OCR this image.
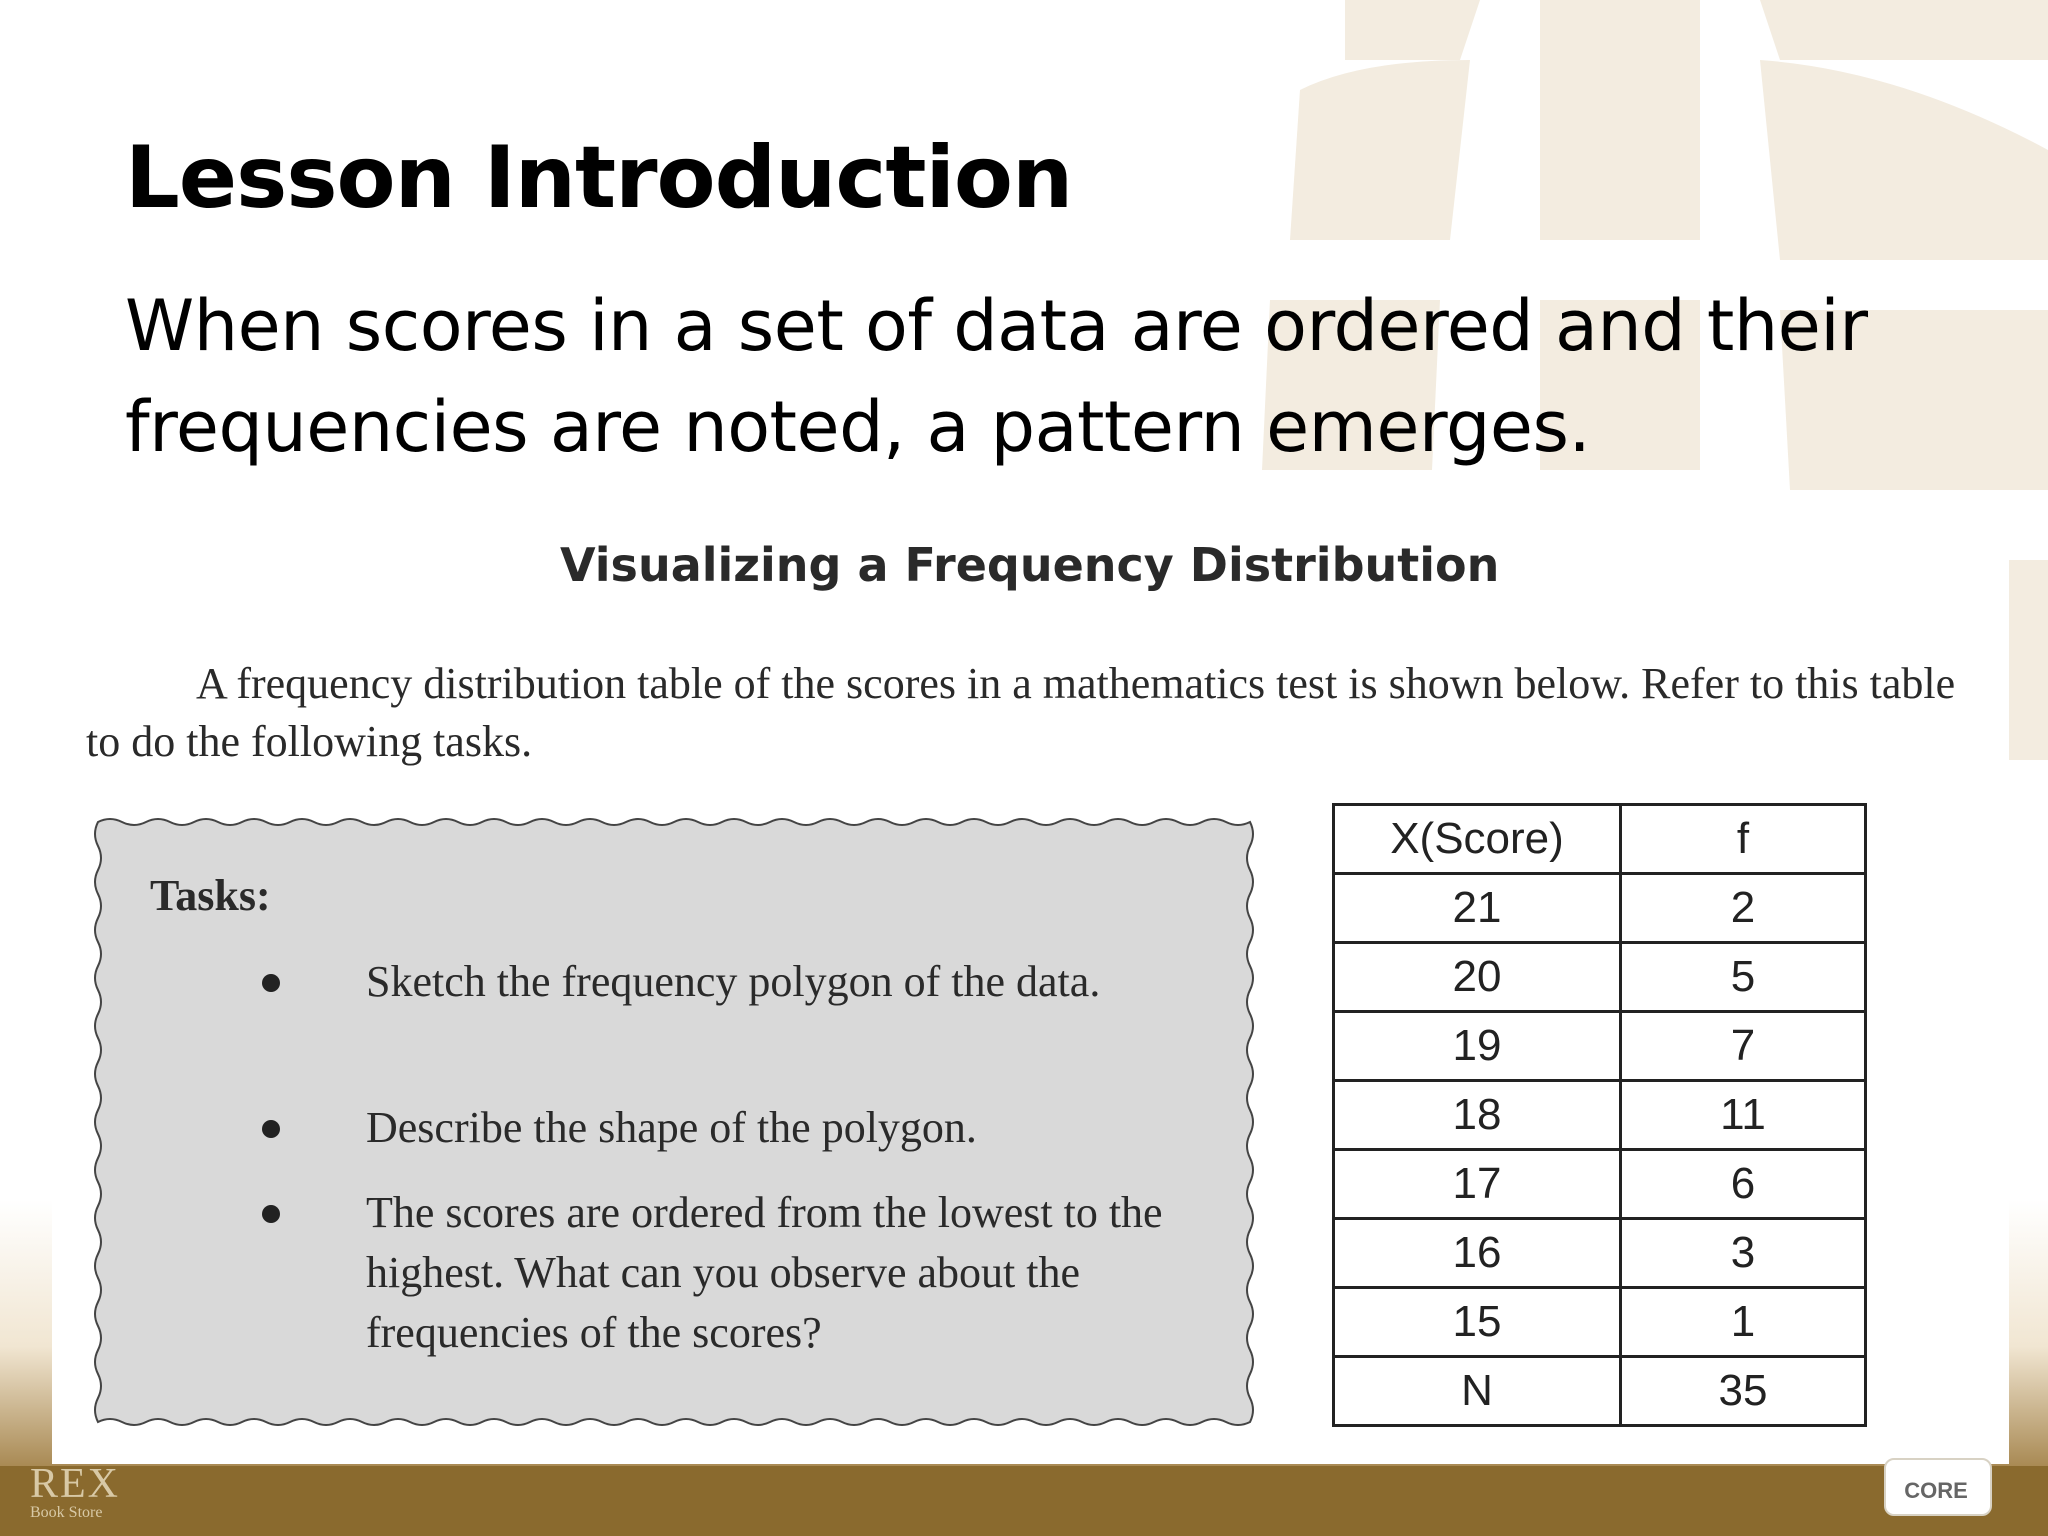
Lesson Introduction
When scores in a set of data are ordered and their frequencies are noted, a pattern emerges.
Visualizing a Frequency Distribution
A frequency distribution table of the scores in a mathematics test is shown below. Refer to this table to do the following tasks.
Tasks:
Sketch the frequency polygon of the data.
Describe the shape of the polygon.
The scores are ordered from the lowest to the highest. What can you observe about the frequencies of the scores?
X(Score)	f
21	2
20	5
19	7
18	11
17	6
16	3
15	1
N	35
REX
Book Store
CORE
